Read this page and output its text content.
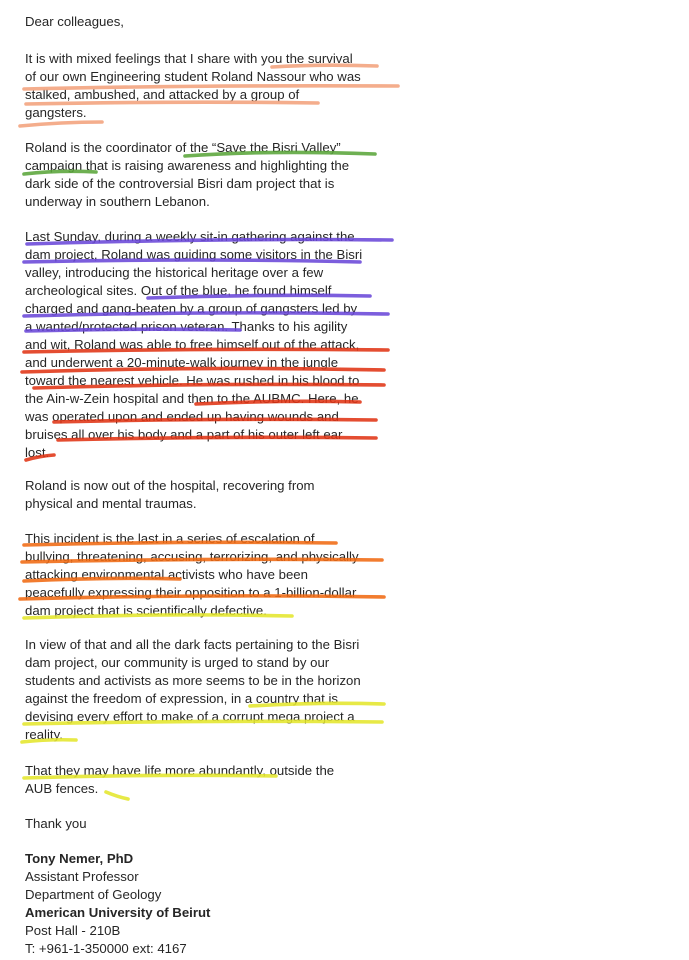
Dear colleagues,
It is with mixed feelings that I share with you the survival
of our own Engineering student Roland Nassour who was
stalked, ambushed, and attacked by a group of
gangsters.
Roland is the coordinator of the “Save the Bisri Valley”
campaign that is raising awareness and highlighting the
dark side of the controversial Bisri dam project that is
underway in southern Lebanon.
Last Sunday, during a weekly sit-in gathering against the
dam project, Roland was guiding some visitors in the Bisri
valley, introducing the historical heritage over a few
archeological sites. Out of the blue, he found himself
charged and gang-beaten by a group of gangsters led by
a wanted/protected prison veteran. Thanks to his agility
and wit, Roland was able to free himself out of the attack,
and underwent a 20-minute-walk journey in the jungle
toward the nearest vehicle. He was rushed in his blood to
the Ain-w-Zein hospital and then to the AUBMC. Here, he
was operated upon and ended up having wounds and
bruises all over his body and a part of his outer left ear
lost.
Roland is now out of the hospital, recovering from
physical and mental traumas.
This incident is the last in a series of escalation of
bullying, threatening, accusing, terrorizing, and physically
attacking environmental activists who have been
peacefully expressing their opposition to a 1-billion-dollar
dam project that is scientifically defective.
In view of that and all the dark facts pertaining to the Bisri
dam project, our community is urged to stand by our
students and activists as more seems to be in the horizon
against the freedom of expression, in a country that is
devising every effort to make of a corrupt mega project a
reality.
That they may have life more abundantly, outside the
AUB fences.
Thank you
Tony Nemer, PhD
Assistant Professor
Department of Geology
American University of Beirut
Post Hall - 210B
T: +961-1-350000 ext: 4167
